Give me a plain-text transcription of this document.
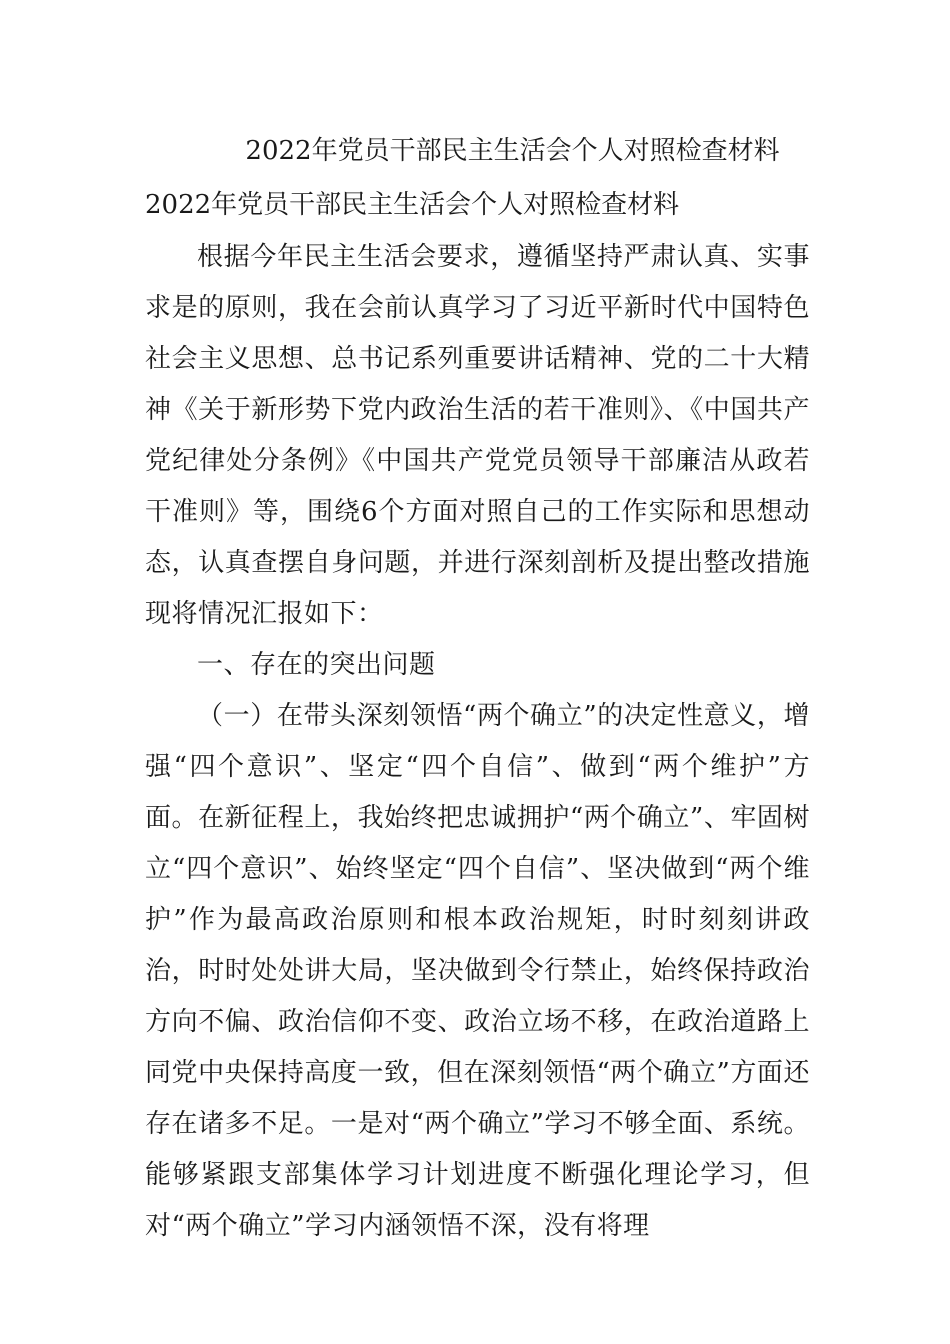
2022年党员干部民主生活会个人对照检查材料
2022年党员干部民主生活会个人对照检查材料

根据今年民主生活会要求，遵循坚持严肃认真、实事求是的原则，我在会前认真学习了习近平新时代中国特色社会主义思想、总书记系列重要讲话精神、党的二十大精神《关于新形势下党内政治生活的若干准则》、《中国共产党纪律处分条例》《中国共产党党员领导干部廉洁从政若干准则》等，围绕6个方面对照自己的工作实际和思想动态，认真查摆自身问题，并进行深刻剖析及提出整改措施现将情况汇报如下：

一、存在的突出问题

（一）在带头深刻领悟“两个确立”的决定性意义，增强“四个意识”、坚定“四个自信”、做到“两个维护”方面。在新征程上，我始终把忠诚拥护“两个确立”、牢固树立“四个意识”、始终坚定“四个自信”、坚决做到“两个维护”作为最高政治原则和根本政治规矩，时时刻刻讲政治，时时处处讲大局，坚决做到令行禁止，始终保持政治方向不偏、政治信仰不变、政治立场不移，在政治道路上同党中央保持高度一致，但在深刻领悟“两个确立”方面还存在诸多不足。一是对“两个确立”学习不够全面、系统。能够紧跟支部集体学习计划进度不断强化理论学习，但对“两个确立”学习内涵领悟不深，没有将理
